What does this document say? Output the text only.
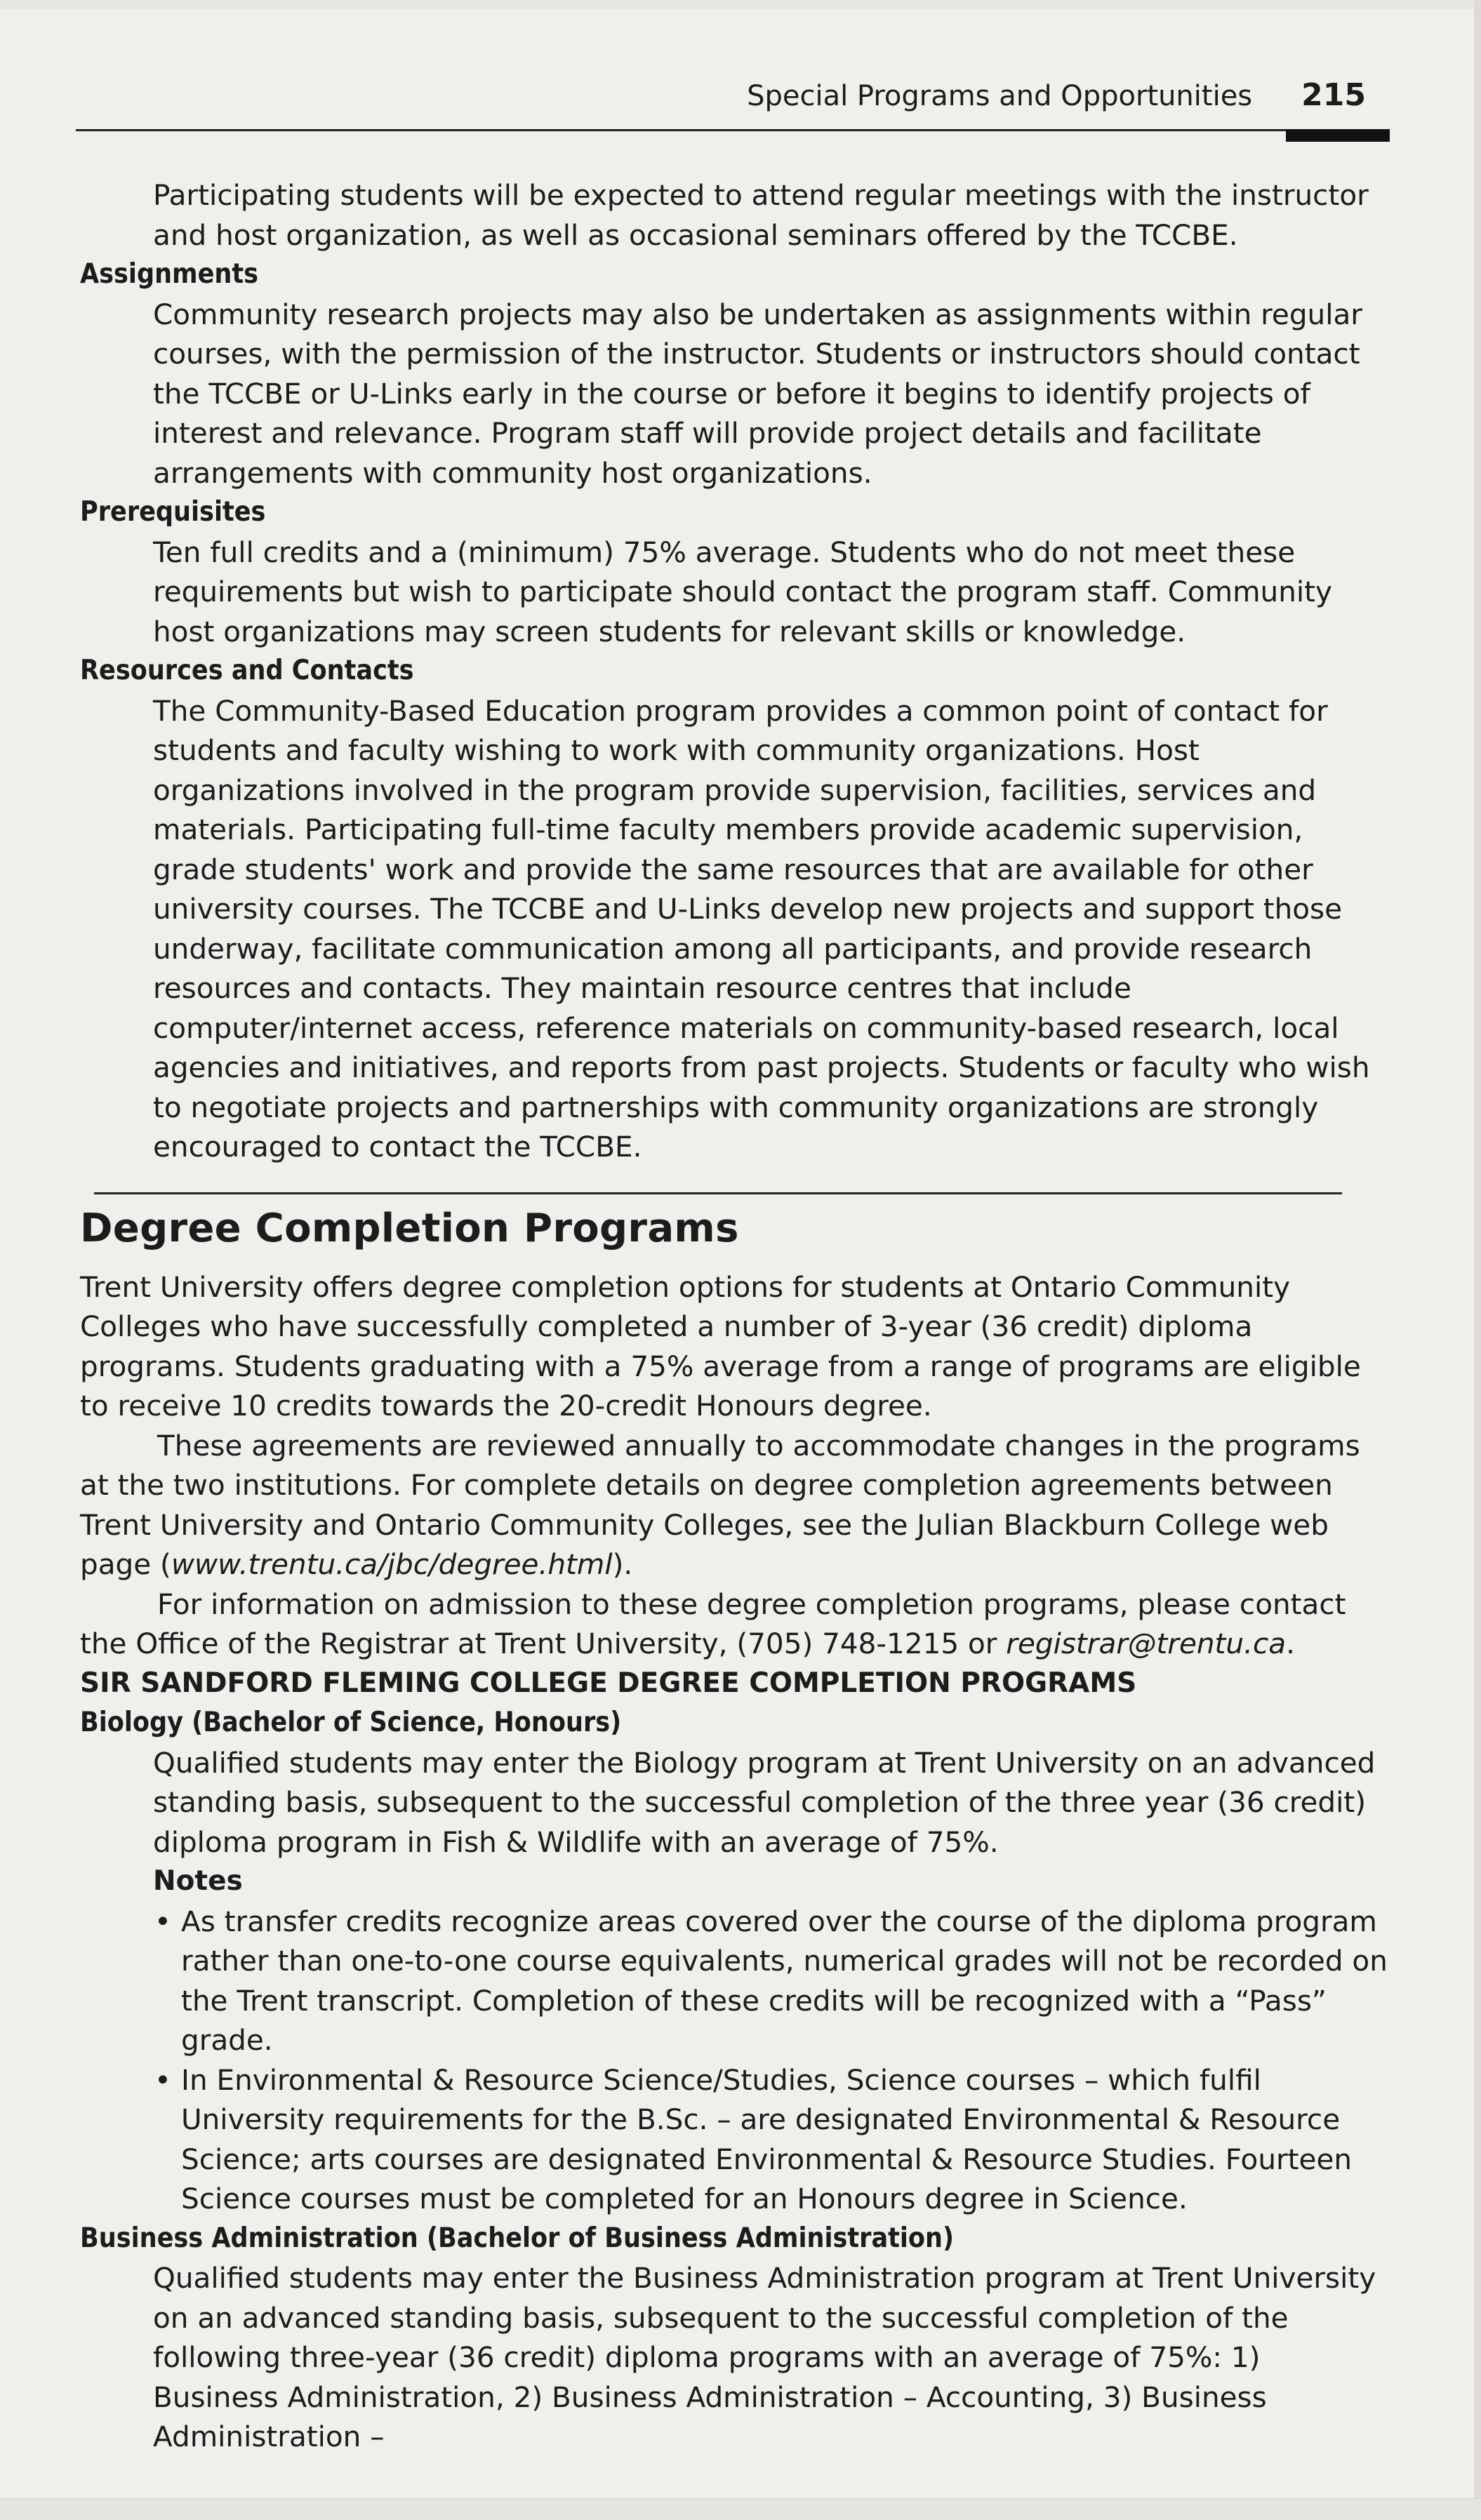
Special Programs and Opportunities 215

Participating students will be expected to attend regular meetings with the instructor and host organization, as well as occasional seminars offered by the TCCBE.

Assignments

Community research projects may also be undertaken as assignments within regular courses, with the permission of the instructor. Students or instructors should contact the TCCBE or U-Links early in the course or before it begins to identify projects of interest and relevance. Program staff will provide project details and facilitate arrangements with community host organizations.

Prerequisites

Ten full credits and a (minimum) 75% average. Students who do not meet these requirements but wish to participate should contact the program staff. Community host organizations may screen students for relevant skills or knowledge.

Resources and Contacts

The Community-Based Education program provides a common point of contact for students and faculty wishing to work with community organizations. Host organizations involved in the program provide supervision, facilities, services and materials. Participating full-time faculty members provide academic supervision, grade students' work and provide the same resources that are available for other university courses. The TCCBE and U-Links develop new projects and support those underway, facilitate communication among all participants, and provide research resources and contacts. They maintain resource centres that include computer/internet access, reference materials on community-based research, local agencies and initiatives, and reports from past projects. Students or faculty who wish to negotiate projects and partnerships with community organizations are strongly encouraged to contact the TCCBE.

Degree Completion Programs

Trent University offers degree completion options for students at Ontario Community Colleges who have successfully completed a number of 3-year (36 credit) diploma programs. Students graduating with a 75% average from a range of programs are eligible to receive 10 credits towards the 20-credit Honours degree.

These agreements are reviewed annually to accommodate changes in the programs at the two institutions. For complete details on degree completion agreements between Trent University and Ontario Community Colleges, see the Julian Blackburn College web page (www.trentu.ca/jbc/degree.html).

For information on admission to these degree completion programs, please contact the Office of the Registrar at Trent University, (705) 748-1215 or registrar@trentu.ca.

SIR SANDFORD FLEMING COLLEGE DEGREE COMPLETION PROGRAMS

Biology (Bachelor of Science, Honours)

Qualified students may enter the Biology program at Trent University on an advanced standing basis, subsequent to the successful completion of the three year (36 credit) diploma program in Fish & Wildlife with an average of 75%.

Notes

• As transfer credits recognize areas covered over the course of the diploma program rather than one-to-one course equivalents, numerical grades will not be recorded on the Trent transcript. Completion of these credits will be recognized with a “Pass” grade.
• In Environmental & Resource Science/Studies, Science courses – which fulfil University requirements for the B.Sc. – are designated Environmental & Resource Science; arts courses are designated Environmental & Resource Studies. Fourteen Science courses must be completed for an Honours degree in Science.

Business Administration (Bachelor of Business Administration)

Qualified students may enter the Business Administration program at Trent University on an advanced standing basis, subsequent to the successful completion of the following three-year (36 credit) diploma programs with an average of 75%: 1) Business Administration, 2) Business Administration – Accounting, 3) Business Administration –
